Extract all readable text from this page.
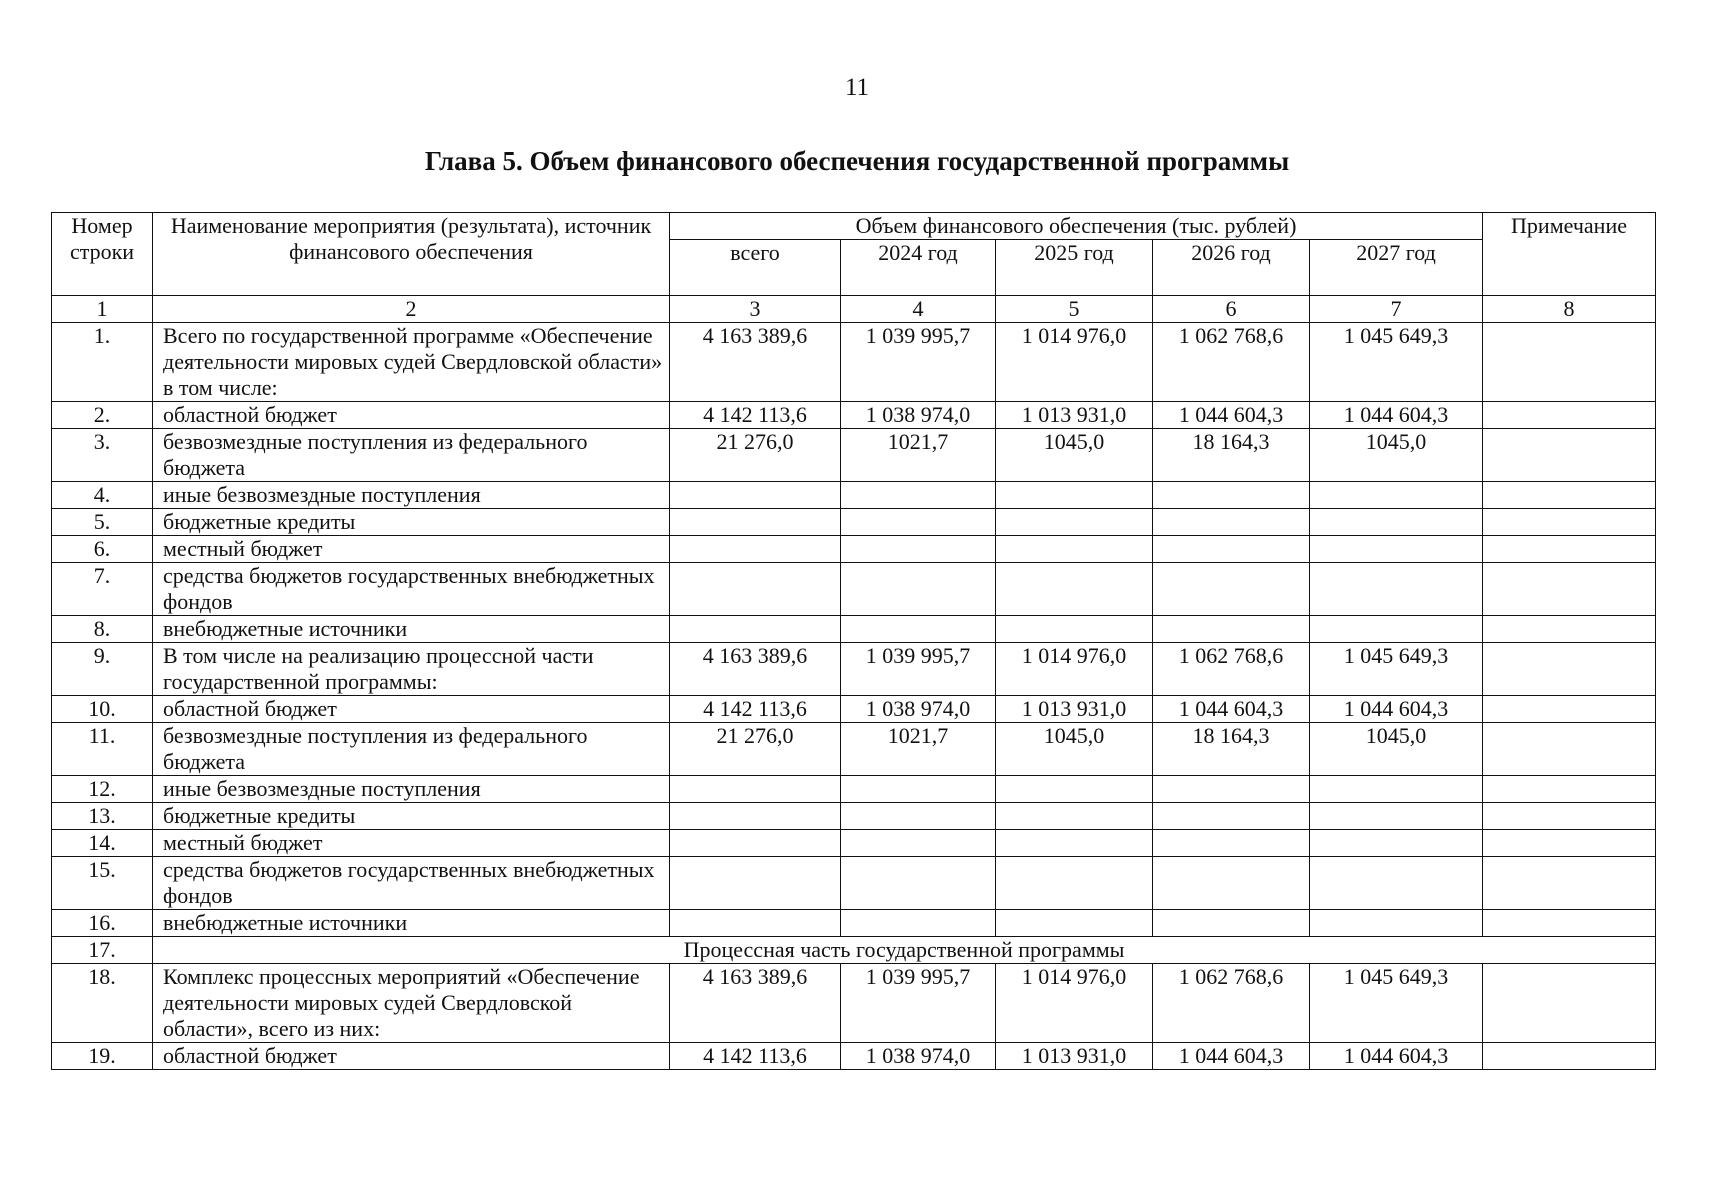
11
Глава 5. Объем финансового обеспечения государственной программы
Номер строки	Наименование мероприятия (результата), источник финансового обеспечения	Объем финансового обеспечения (тыс. рублей)					Примечание
		всего	2024 год	2025 год	2026 год	2027 год	
1	2	3	4	5	6	7	8
1.	Всего по государственной программе «Обеспечение деятельности мировых судей Свердловской области» в том числе:	4 163 389,6	1 039 995,7	1 014 976,0	1 062 768,6	1 045 649,3	
2.	областной бюджет	4 142 113,6	1 038 974,0	1 013 931,0	1 044 604,3	1 044 604,3	
3.	безвозмездные поступления из федерального бюджета	21 276,0	1021,7	1045,0	18 164,3	1045,0	
4.	иные безвозмездные поступления						
5.	бюджетные кредиты						
6.	местный бюджет						
7.	средства бюджетов государственных внебюджетных фондов						
8.	внебюджетные источники						
9.	В том числе на реализацию процессной части государственной программы:	4 163 389,6	1 039 995,7	1 014 976,0	1 062 768,6	1 045 649,3	
10.	областной бюджет	4 142 113,6	1 038 974,0	1 013 931,0	1 044 604,3	1 044 604,3	
11.	безвозмездные поступления из федерального бюджета	21 276,0	1021,7	1045,0	18 164,3	1045,0	
12.	иные безвозмездные поступления						
13.	бюджетные кредиты						
14.	местный бюджет						
15.	средства бюджетов государственных внебюджетных фондов						
16.	внебюджетные источники						
17.	Процессная часть государственной программы						
18.	Комплекс процессных мероприятий «Обеспечение деятельности мировых судей Свердловской области», всего из них:	4 163 389,6	1 039 995,7	1 014 976,0	1 062 768,6	1 045 649,3	
19.	областной бюджет	4 142 113,6	1 038 974,0	1 013 931,0	1 044 604,3	1 044 604,3	
